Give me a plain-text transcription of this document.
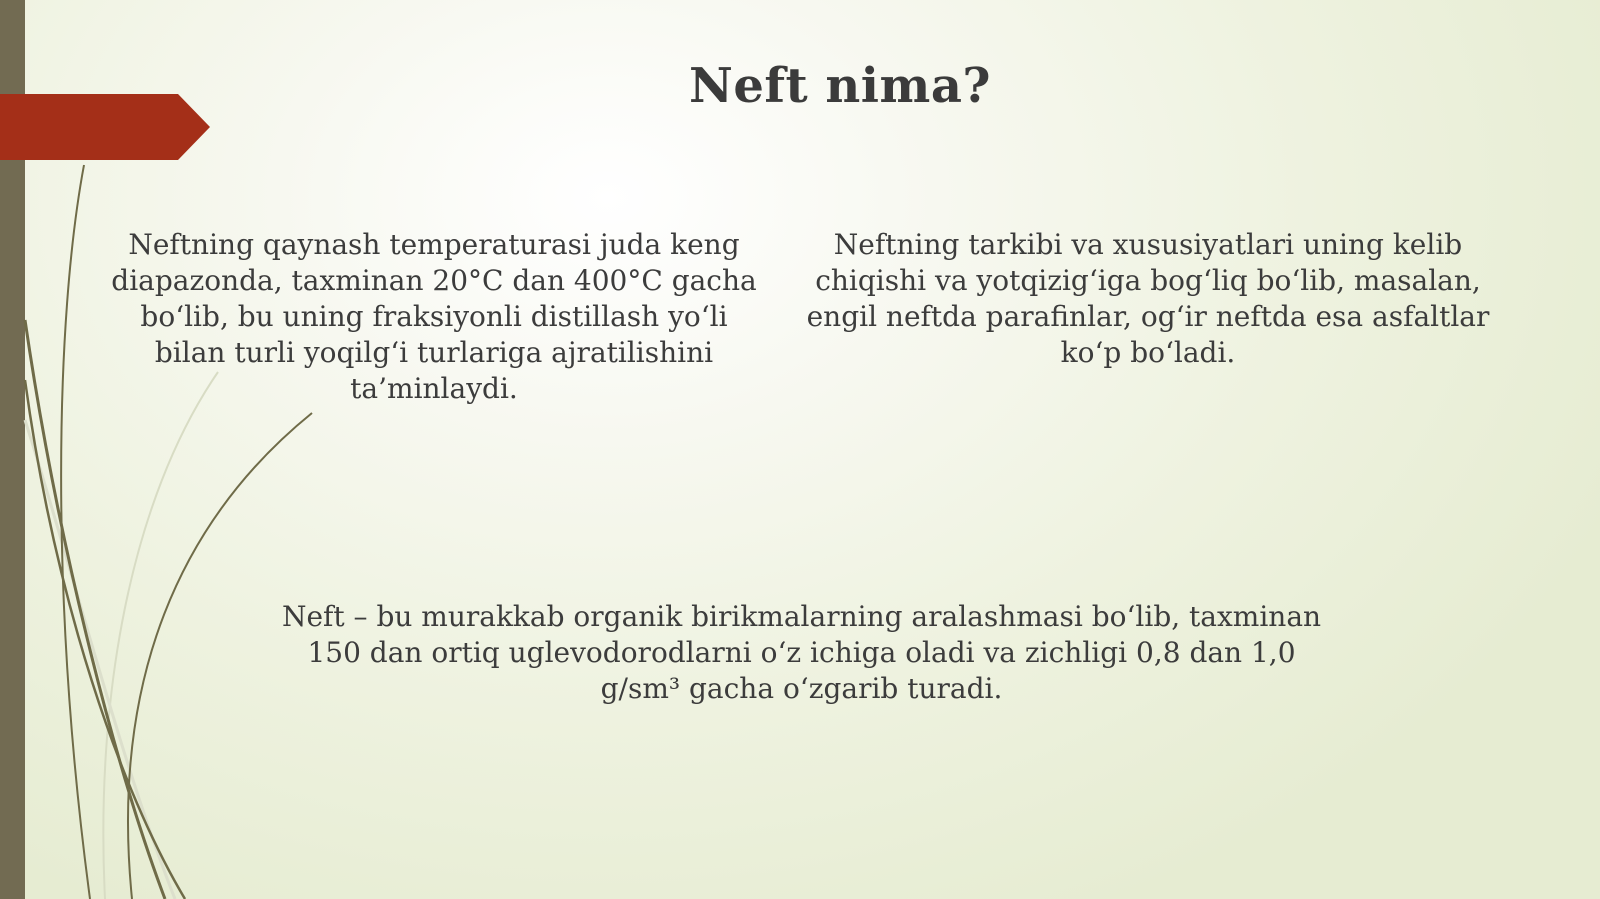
Neft nima?

Neftning qaynash temperaturasi juda keng diapazonda, taxminan 20°C dan 400°C gacha bo‘lib, bu uning fraksiyonli distillash yo‘li bilan turli yoqilg‘i turlariga ajratilishini ta’minlaydi.

Neftning tarkibi va xususiyatlari uning kelib chiqishi va yotqizig‘iga bog‘liq bo‘lib, masalan, engil neftda parafinlar, og‘ir neftda esa asfaltlar ko‘p bo‘ladi.

Neft – bu murakkab organik birikmalarning aralashmasi bo‘lib, taxminan 150 dan ortiq uglevodorodlarni o‘z ichiga oladi va zichligi 0,8 dan 1,0 g/sm³ gacha o‘zgarib turadi.
